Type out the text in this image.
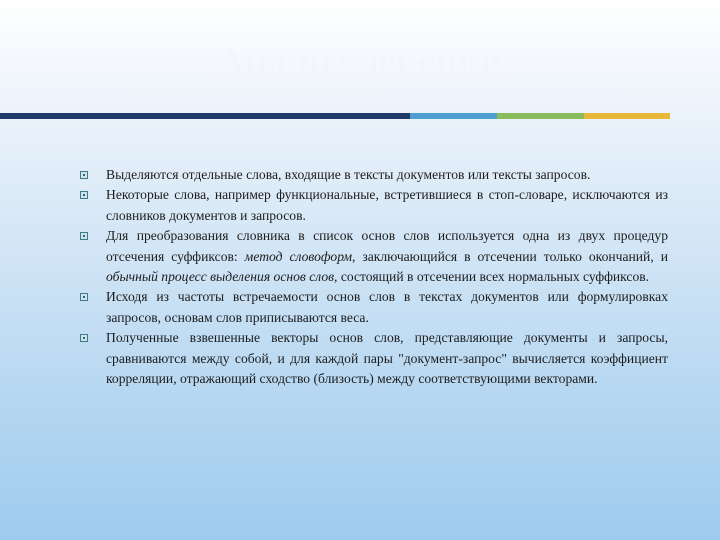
Анализ лексики
Выделяются отдельные слова, входящие в тексты документов или тексты запросов.
Некоторые слова, например функциональные, встретившиеся в стоп-словаре, исключаются из словников документов и запросов.
Для преобразования словника в список основ слов используется одна из двух процедур отсечения суффиксов: метод словоформ, заключающийся в отсечении только окончаний, и обычный процесс выделения основ слов, состоящий в отсечении всех нормальных суффиксов.
Исходя из частоты встречаемости основ слов в текстах документов или формулировках запросов, основам слов приписываются веса.
Полученные взвешенные векторы основ слов, представляющие документы и запросы, сравниваются между собой, и для каждой пары "документ-запрос" вычисляется коэффициент корреляции, отражающий сходство (близость) между соответствующими векторами.
